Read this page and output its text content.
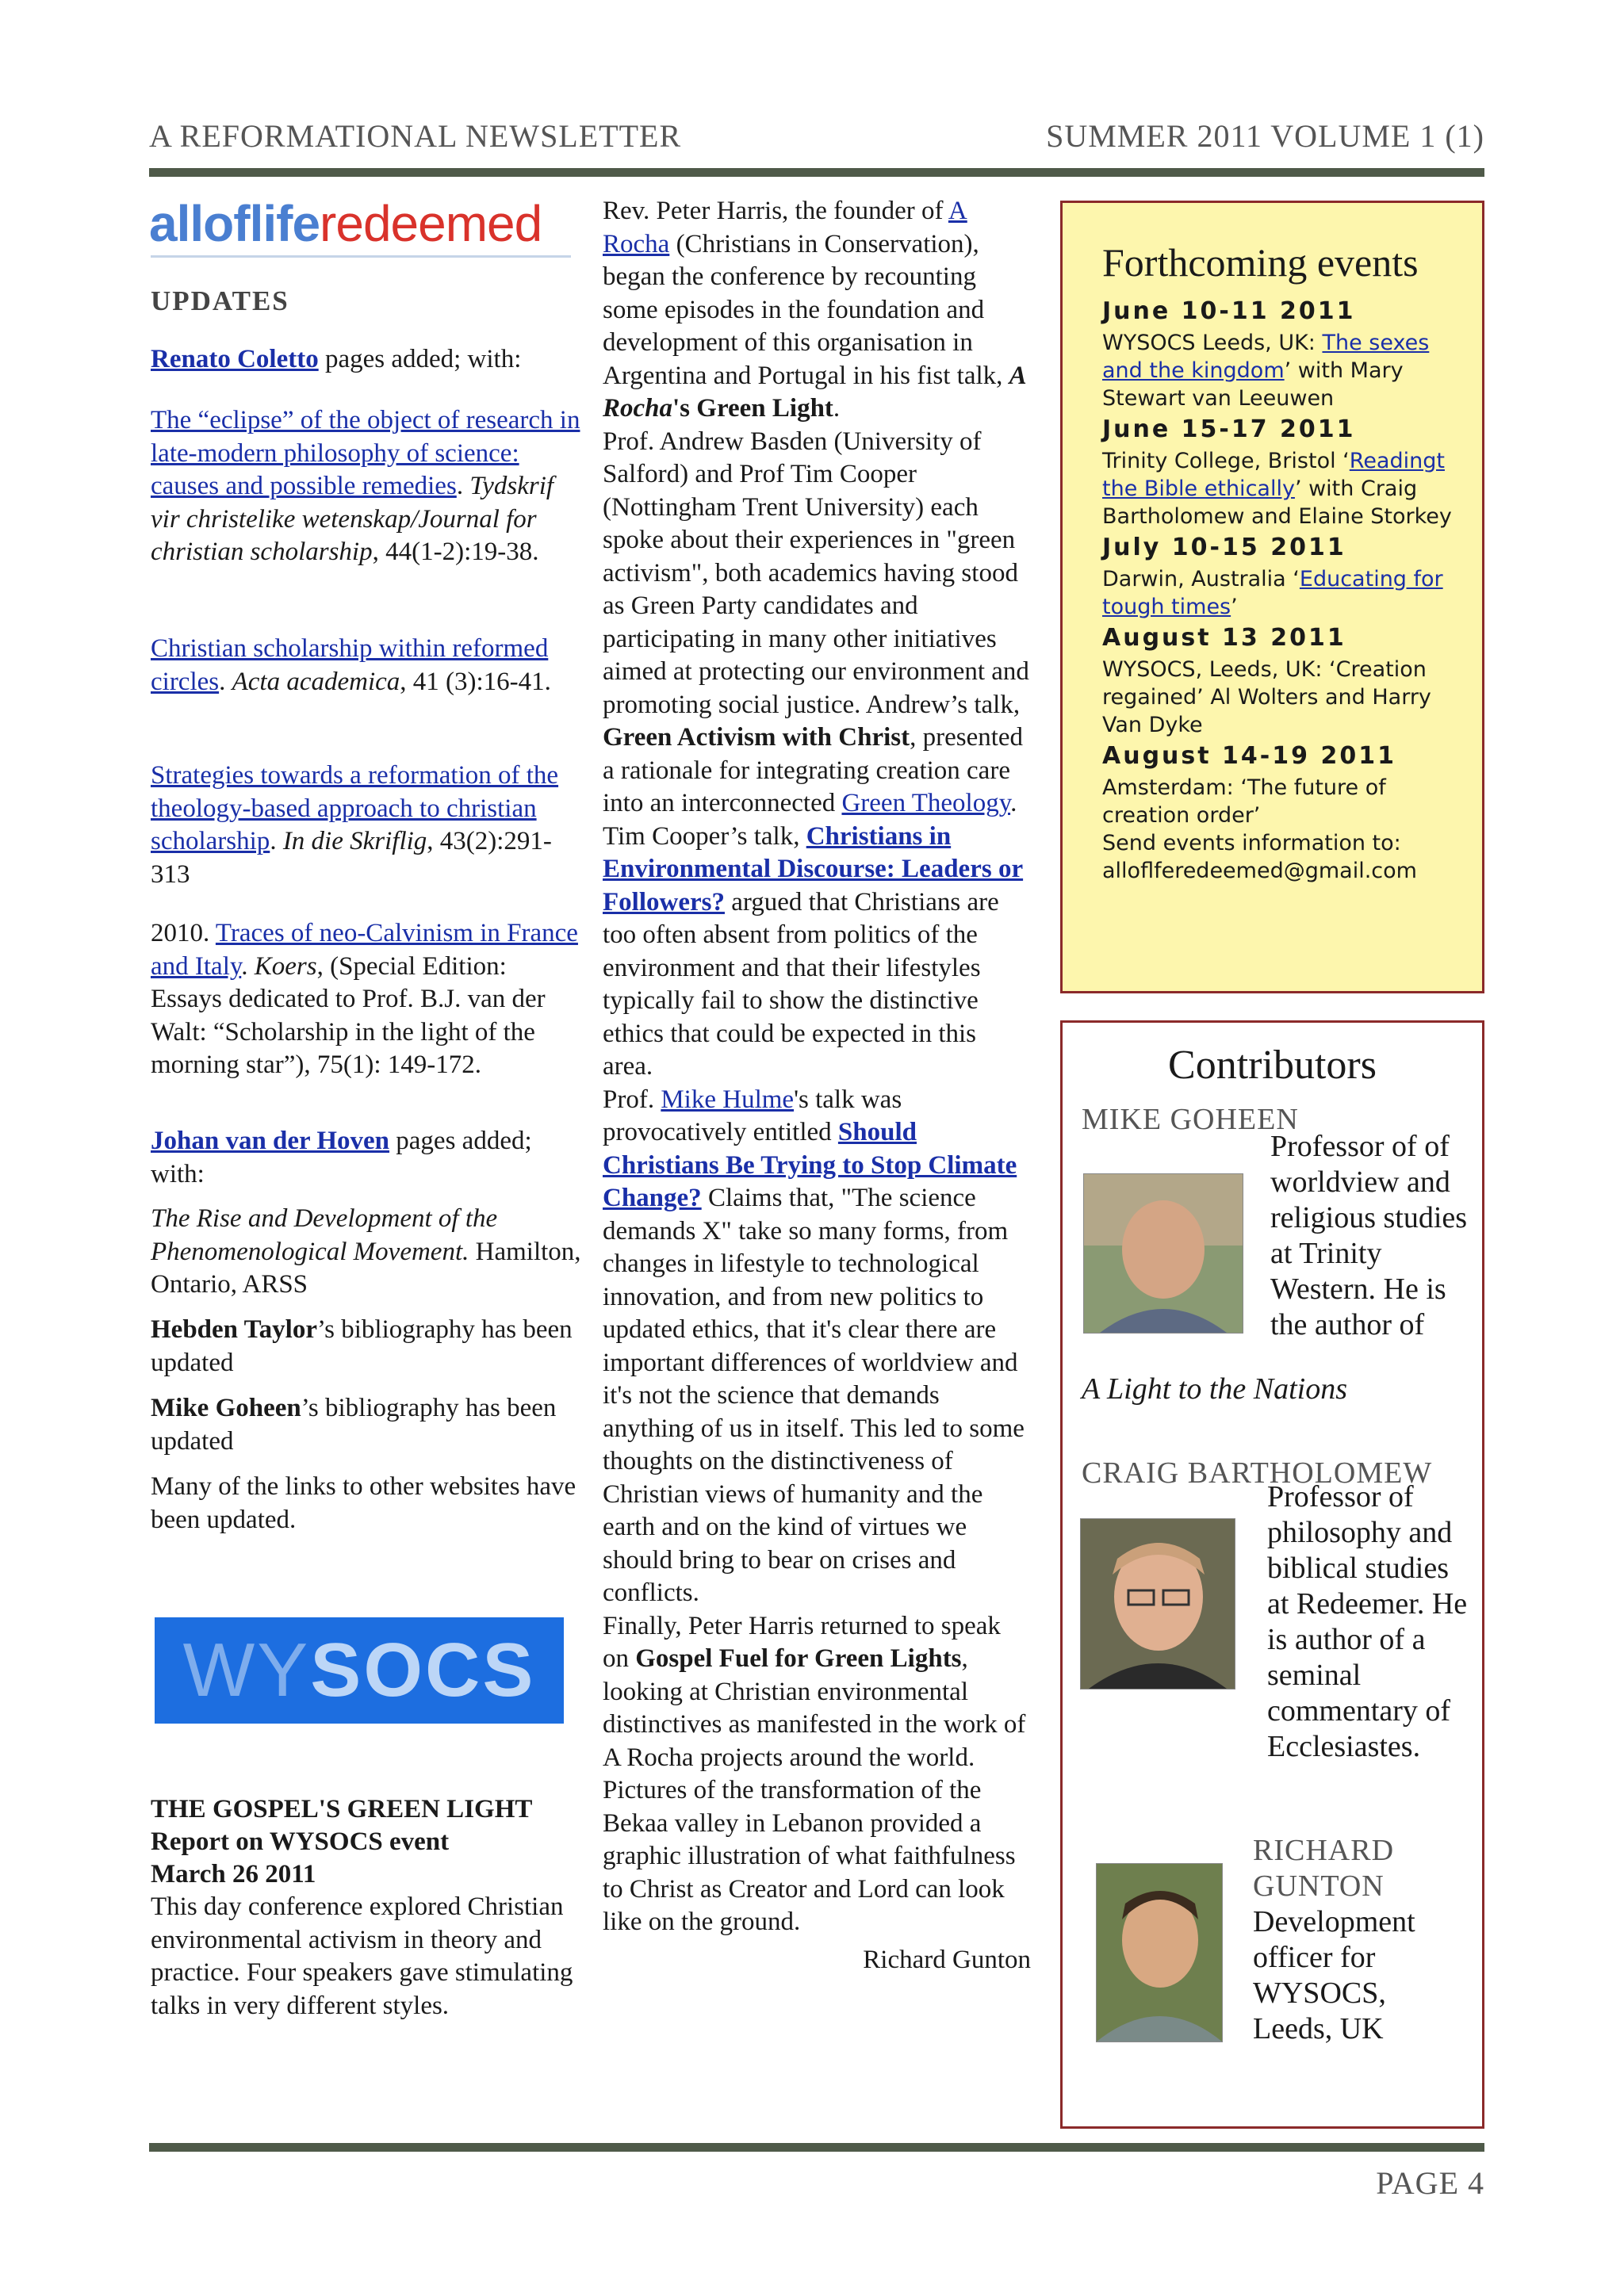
A REFORMATIONAL NEWSLETTER	SUMMER 2011 VOLUME 1 (1)
allofliferedeemed
UPDATES
Renato Coletto pages added; with:
The “eclipse” of the object of research in late-modern philosophy of science: causes and possible remedies. Tydskrif vir christelike wetenskap/Journal for christian scholarship, 44(1-2):19-38.
Christian scholarship within reformed circles. Acta academica, 41 (3):16-41.
Strategies towards a reformation of the theology-based approach to christian scholarship. In die Skriflig, 43(2):291-313
2010. Traces of neo-Calvinism in France and Italy. Koers, (Special Edition: Essays dedicated to Prof. B.J. van der Walt: “Scholarship in the light of the morning star”), 75(1): 149-172.
Johan van der Hoven pages added; with:
The Rise and Development of the Phenomenological Movement. Hamilton, Ontario, ARSS
Hebden Taylor’s bibliography has been updated
Mike Goheen’s bibliography has been updated
Many of the links to other websites have been updated.
WY SOCS
THE GOSPEL'S GREEN LIGHT
Report on WYSOCS event
March 26 2011
This day conference explored Christian environmental activism in theory and practice. Four speakers gave stimulating talks in very different styles.

Rev. Peter Harris, the founder of A Rocha (Christians in Conservation), began the conference by recounting some episodes in the foundation and development of this organisation in Argentina and Portugal in his fist talk, A Rocha's Green Light.

Prof. Andrew Basden (University of Salford) and Prof Tim Cooper (Nottingham Trent University) each spoke about their experiences in "green activism", both academics having stood as Green Party candidates and participating in many other initiatives aimed at protecting our environment and promoting social justice. Andrew’s talk, Green Activism with Christ, presented a rationale for integrating creation care into an interconnected Green Theology. Tim Cooper’s talk, Christians in Environmental Discourse: Leaders or Followers? argued that Christians are too often absent from politics of the environment and that their lifestyles typically fail to show the distinctive ethics that could be expected in this area.

Prof. Mike Hulme's talk was provocatively entitled Should Christians Be Trying to Stop Climate Change? Claims that, "The science demands X" take so many forms, from changes in lifestyle to technological innovation, and from new politics to updated ethics, that it's clear there are important differences of worldview and it's not the science that demands anything of us in itself. This led to some thoughts on the distinctiveness of Christian views of humanity and the earth and on the kind of virtues we should bring to bear on crises and conflicts.

Finally, Peter Harris returned to speak on Gospel Fuel for Green Lights, looking at Christian environmental distinctives as manifested in the work of A Rocha projects around the world. Pictures of the transformation of the Bekaa valley in Lebanon provided a graphic illustration of what faithfulness to Christ as Creator and Lord can look like on the ground.

Richard Gunton

Forthcoming events
June 10-11 2011
WYSOCS Leeds, UK: The sexes and the kingdom’ with Mary Stewart van Leeuwen
June 15-17 2011
Trinity College, Bristol ‘Readingt the Bible ethically’ with Craig Bartholomew and Elaine Storkey
July 10-15 2011
Darwin, Australia ‘Educating for tough times’
August 13 2011
WYSOCS, Leeds, UK: ‘Creation regained’ Al Wolters and Harry Van Dyke
August 14-19 2011
Amsterdam: ‘The future of creation order’
Send events information to: alloflferedeemed@gmail.com
Contributors
MIKE GOHEEN
Professor of of worldview and religious studies at Trinity Western. He is the author of
A Light to the Nations
CRAIG BARTHOLOMEW
Professor of philosophy and biblical studies at Redeemer. He is author of a seminal commentary of Ecclesiastes.
RICHARD GUNTON
Development officer for WYSOCS, Leeds, UK
PAGE 4
